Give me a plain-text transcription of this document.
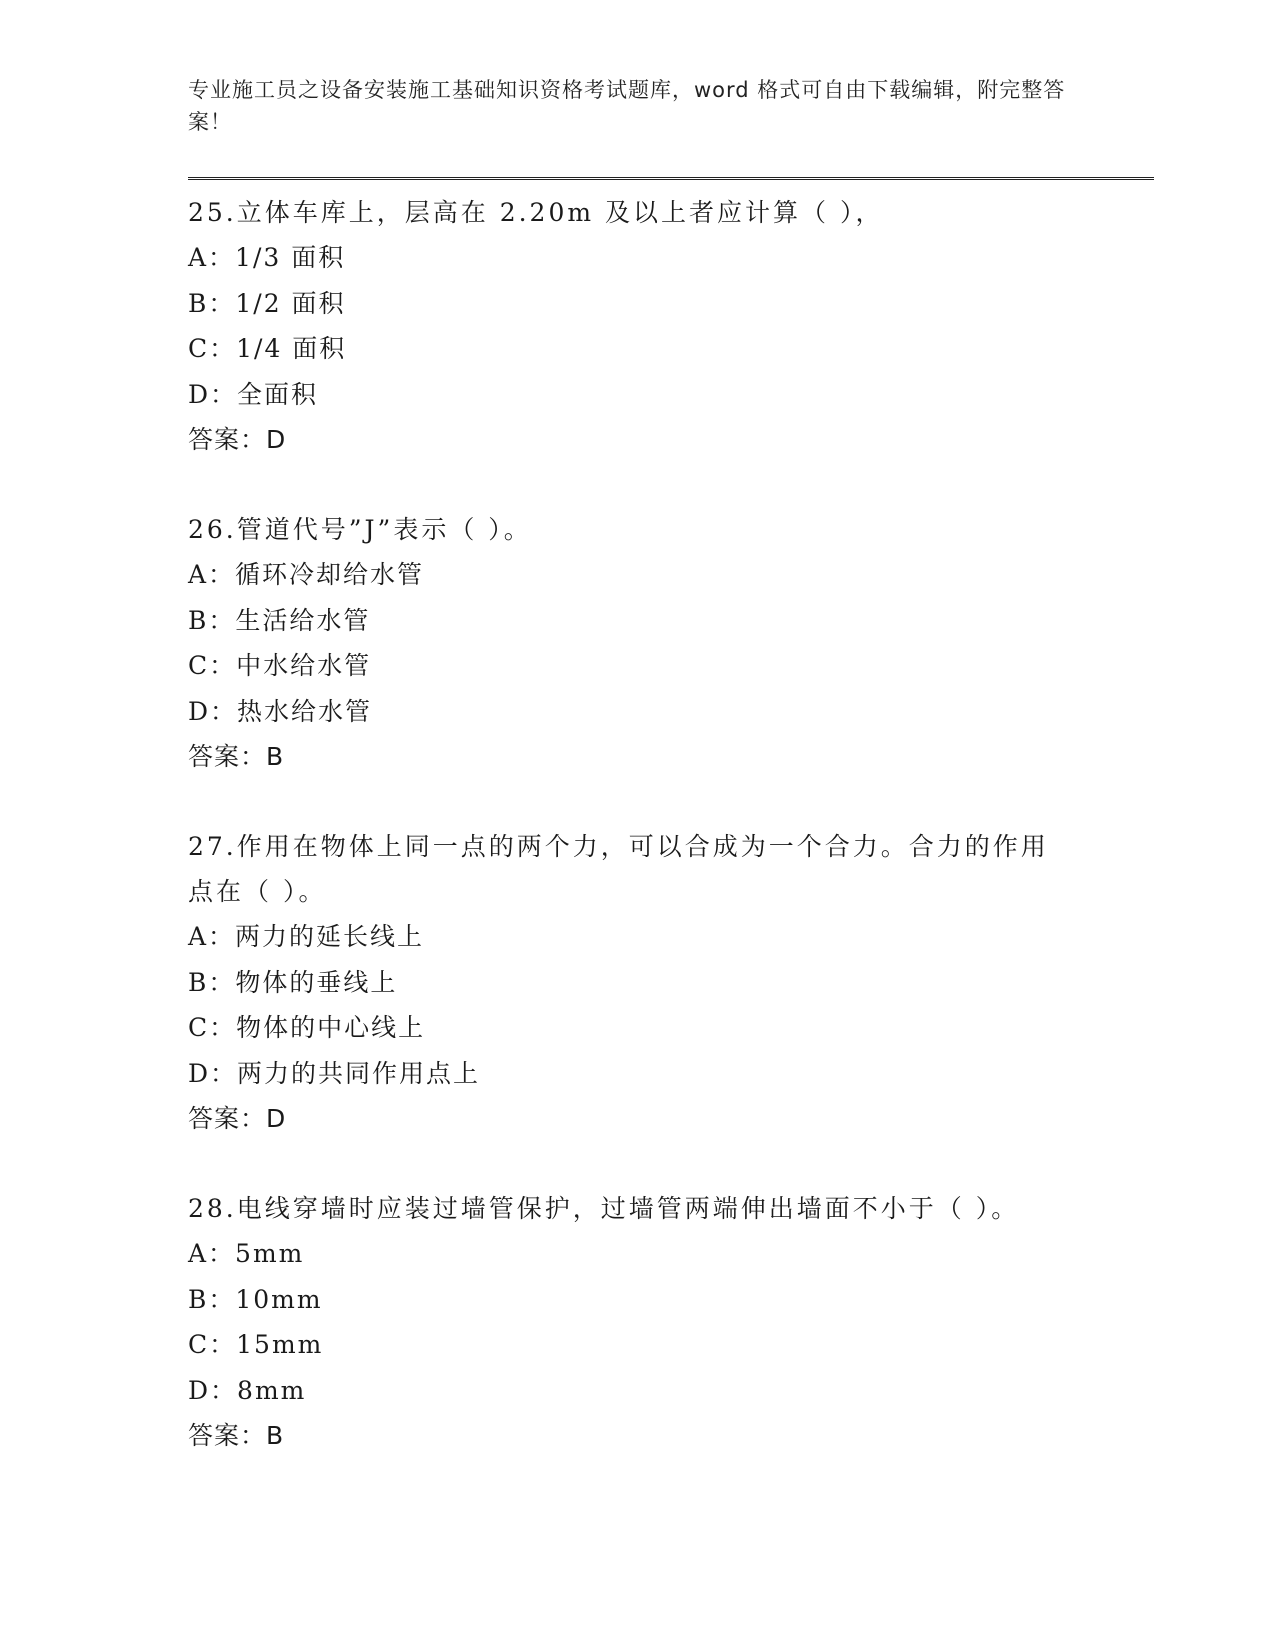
专业施工员之设备安装施工基础知识资格考试题库，word 格式可自由下载编辑，附完整答案！
25.立体车库上，层高在 2.20m 及以上者应计算（ ），
A：1/3 面积
B：1/2 面积
C：1/4 面积
D：全面积
答案：D
26.管道代号”J”表示（ ）。
A：循环冷却给水管
B：生活给水管
C：中水给水管
D：热水给水管
答案：B
27.作用在物体上同一点的两个力，可以合成为一个合力。合力的作用点在（ ）。
A：两力的延长线上
B：物体的垂线上
C：物体的中心线上
D：两力的共同作用点上
答案：D
28.电线穿墙时应装过墙管保护，过墙管两端伸出墙面不小于（ ）。
A：5mm
B：10mm
C：15mm
D：8mm
答案：B
